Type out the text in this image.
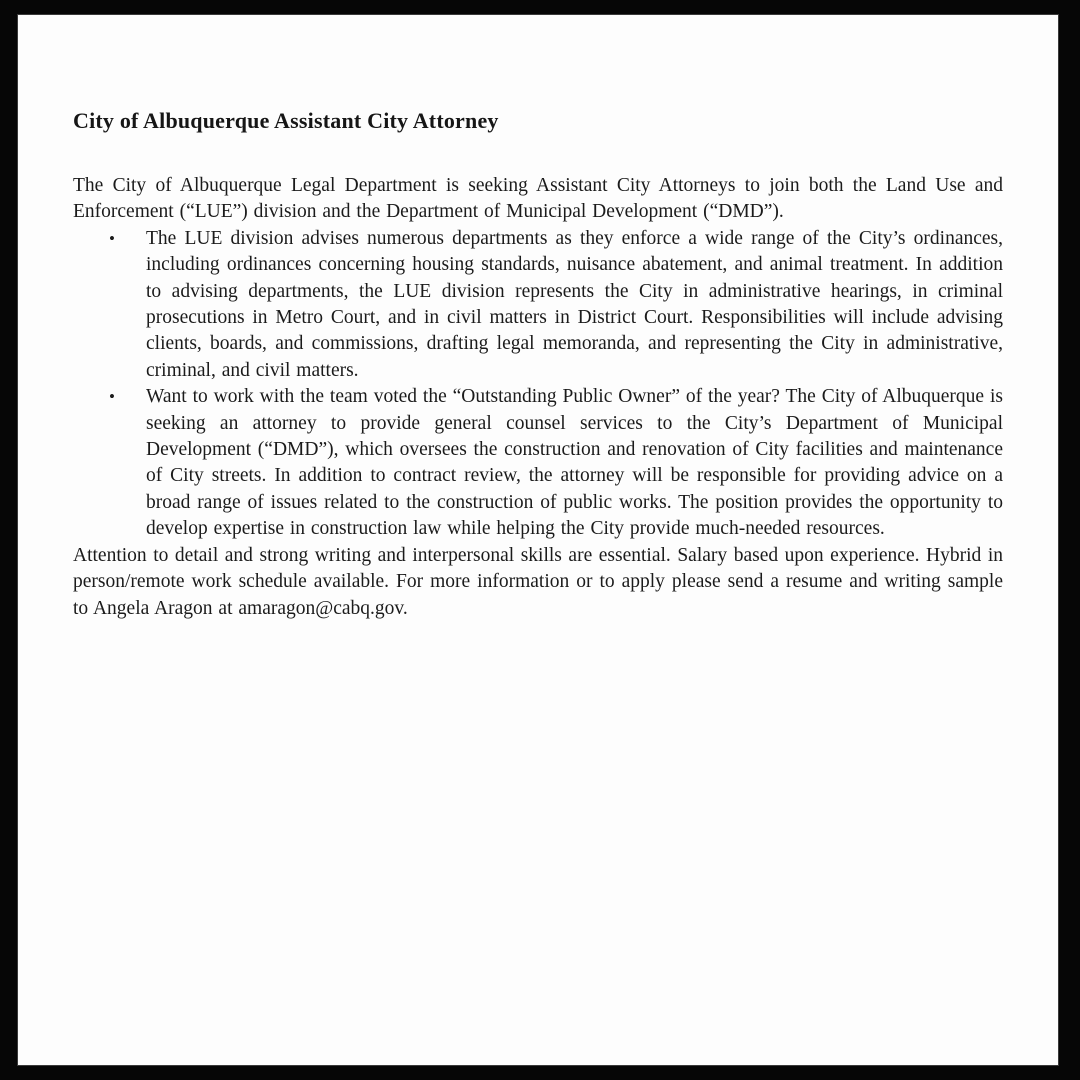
City of Albuquerque Assistant City Attorney

The City of Albuquerque Legal Department is seeking Assistant City Attorneys to join both the Land Use and Enforcement (“LUE”) division and the Department of Municipal Development (“DMD”).

• The LUE division advises numerous departments as they enforce a wide range of the City’s ordinances, including ordinances concerning housing standards, nuisance abatement, and animal treatment. In addition to advising departments, the LUE division represents the City in administrative hearings, in criminal prosecutions in Metro Court, and in civil matters in District Court. Responsibilities will include advising clients, boards, and commissions, drafting legal memoranda, and representing the City in administrative, criminal, and civil matters.
• Want to work with the team voted the “Outstanding Public Owner” of the year? The City of Albuquerque is seeking an attorney to provide general counsel services to the City’s Department of Municipal Development (“DMD”), which oversees the construction and renovation of City facilities and maintenance of City streets. In addition to contract review, the attorney will be responsible for providing advice on a broad range of issues related to the construction of public works. The position provides the opportunity to develop expertise in construction law while helping the City provide much-needed resources.

Attention to detail and strong writing and interpersonal skills are essential. Salary based upon experience. Hybrid in person/remote work schedule available. For more information or to apply please send a resume and writing sample to Angela Aragon at amaragon@cabq.gov.
